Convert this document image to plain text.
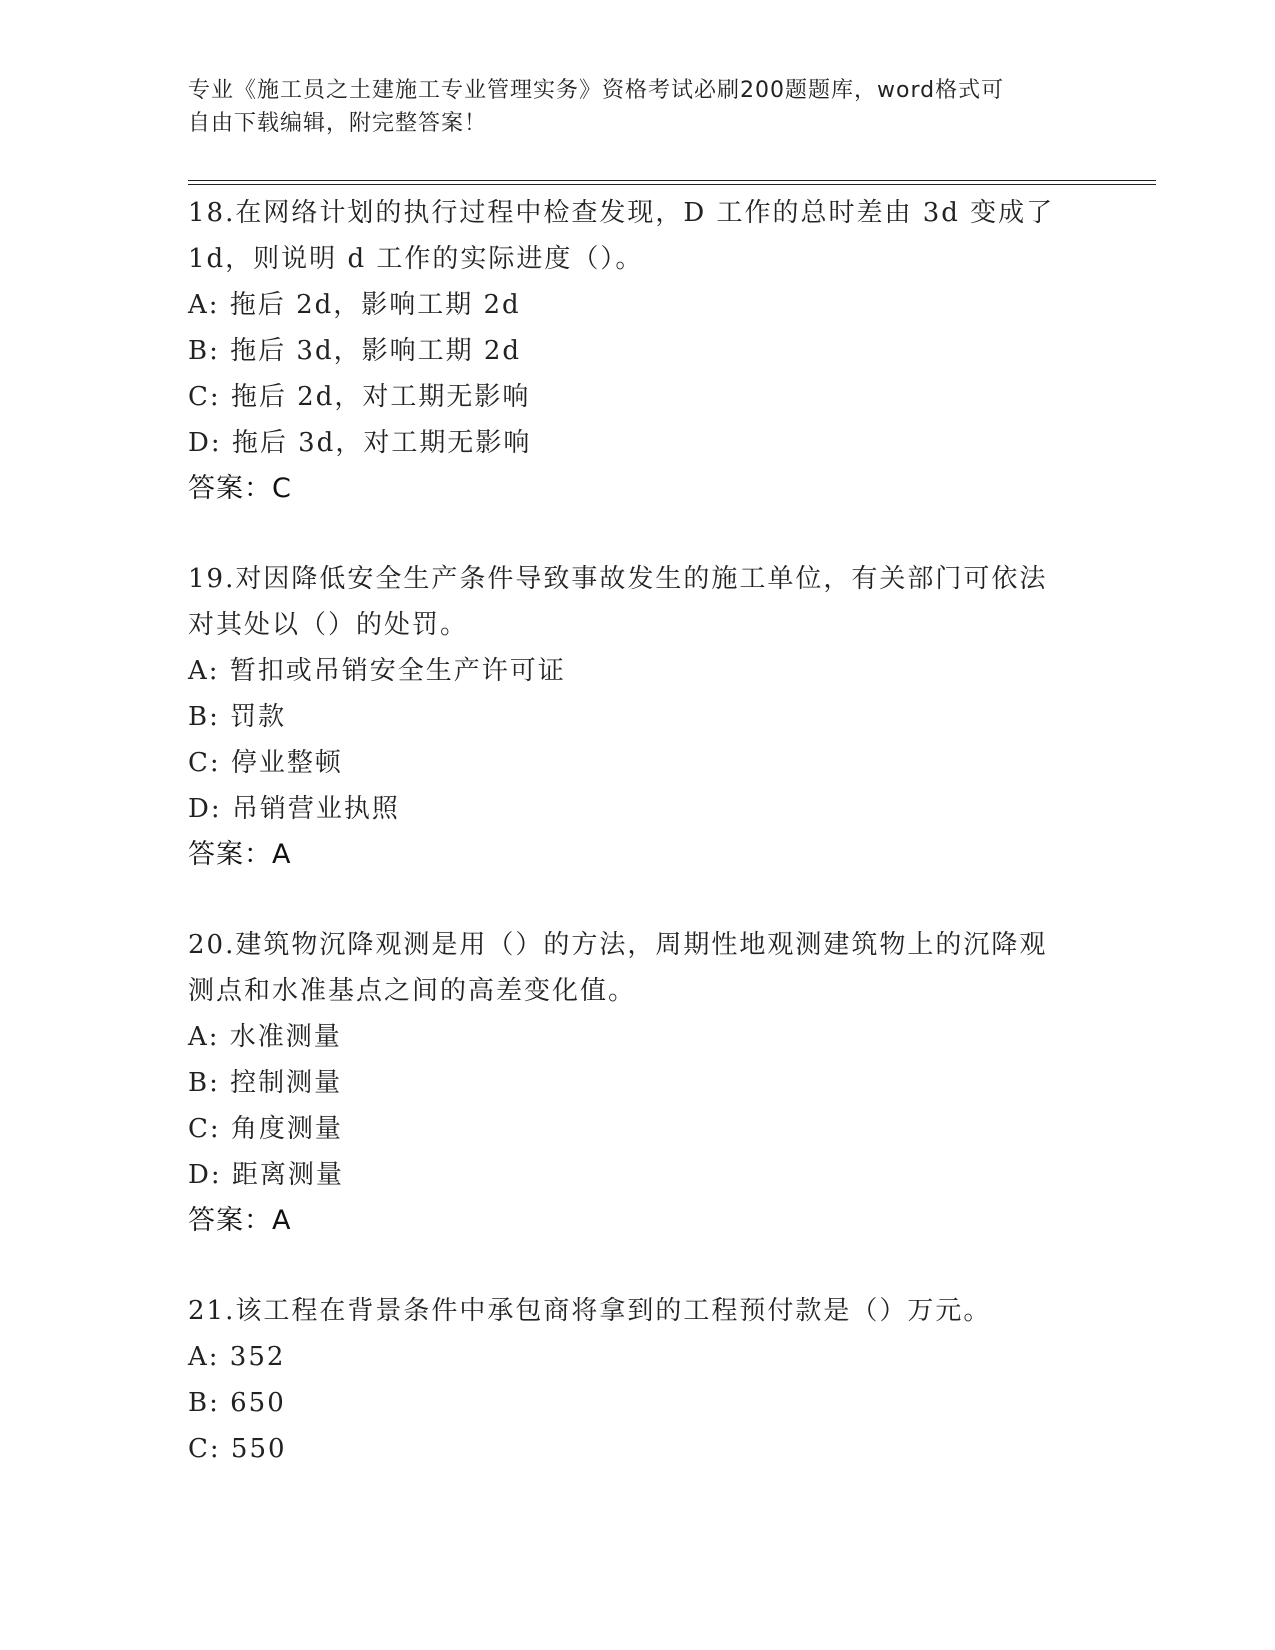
专业《施工员之土建施工专业管理实务》资格考试必刷200题题库，word格式可
自由下载编辑，附完整答案！
18.在网络计划的执行过程中检查发现，D 工作的总时差由 3d 变成了
1d，则说明 d 工作的实际进度（）。
A: 拖后 2d，影响工期 2d
B: 拖后 3d，影响工期 2d
C: 拖后 2d，对工期无影响
D: 拖后 3d，对工期无影响
答案：C
19.对因降低安全生产条件导致事故发生的施工单位，有关部门可依法
对其处以（）的处罚。
A: 暂扣或吊销安全生产许可证
B: 罚款
C: 停业整顿
D: 吊销营业执照
答案：A
20.建筑物沉降观测是用（）的方法，周期性地观测建筑物上的沉降观
测点和水准基点之间的高差变化值。
A: 水准测量
B: 控制测量
C: 角度测量
D: 距离测量
答案：A
21.该工程在背景条件中承包商将拿到的工程预付款是（）万元。
A: 352
B: 650
C: 550
